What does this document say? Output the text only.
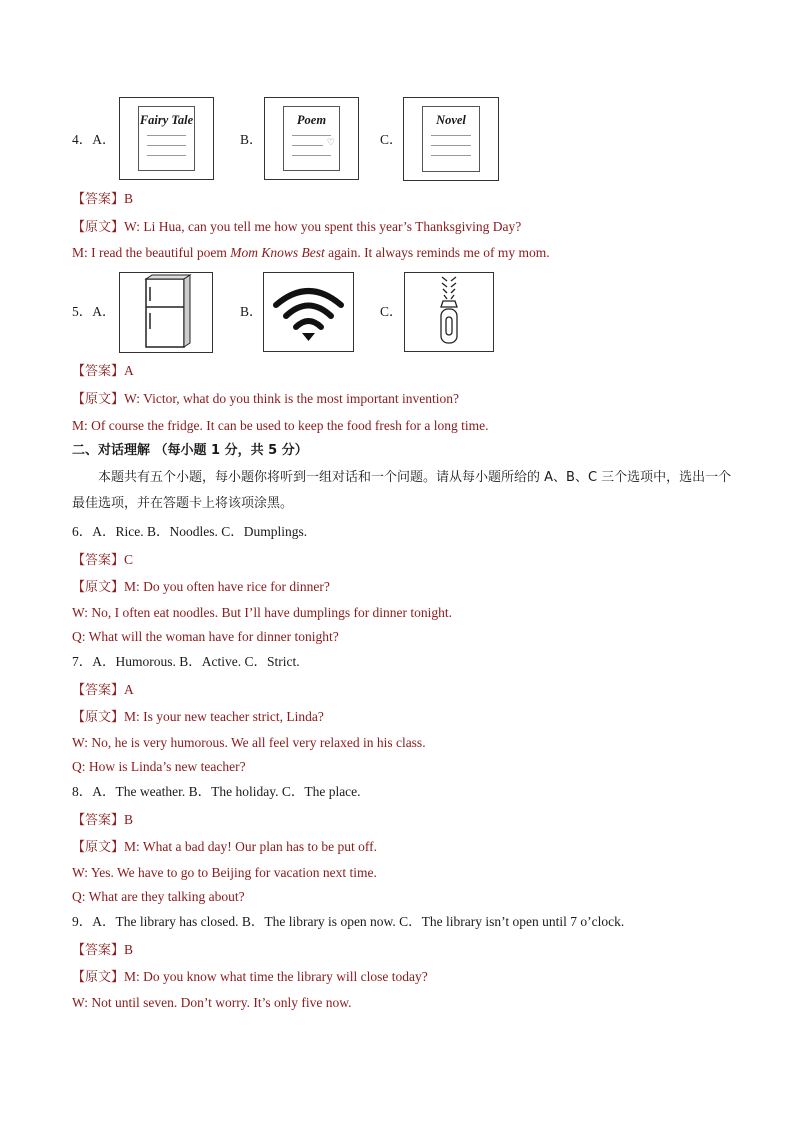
4．A．
Fairy Tale
B．
Poem
♡	C．
Novel
【答案】B
【原文】W: Li Hua, can you tell me how you spent this year’s Thanksgiving Day?
M: I read the beautiful poem Mom Knows Best again. It always reminds me of my mom.
5．A．	B．	C．
【答案】A
【原文】W: Victor, what do you think is the most important invention?
M: Of course the fridge. It can be used to keep the food fresh for a long time.
二、对话理解 （每小题 1 分，共 5 分）
本题共有五个小题，每小题你将听到一组对话和一个问题。请从每小题所给的 A、B、C 三个选项中，选出一个最佳选项，并在答题卡上将该项涂黑。
6．A．Rice. B．Noodles. C．Dumplings.
【答案】C
【原文】M: Do you often have rice for dinner?
W: No, I often eat noodles. But I’ll have dumplings for dinner tonight.
Q: What will the woman have for dinner tonight?
7．A．Humorous. B．Active. C．Strict.
【答案】A
【原文】M: Is your new teacher strict, Linda?
W: No, he is very humorous. We all feel very relaxed in his class.
Q: How is Linda’s new teacher?
8．A．The weather. B．The holiday. C．The place.
【答案】B
【原文】M: What a bad day! Our plan has to be put off.
W: Yes. We have to go to Beijing for vacation next time.
Q: What are they talking about?
9．A．The library has closed. B．The library is open now. C．The library isn’t open until 7 o’clock.
【答案】B
【原文】M: Do you know what time the library will close today?
W: Not until seven. Don’t worry. It’s only five now.
